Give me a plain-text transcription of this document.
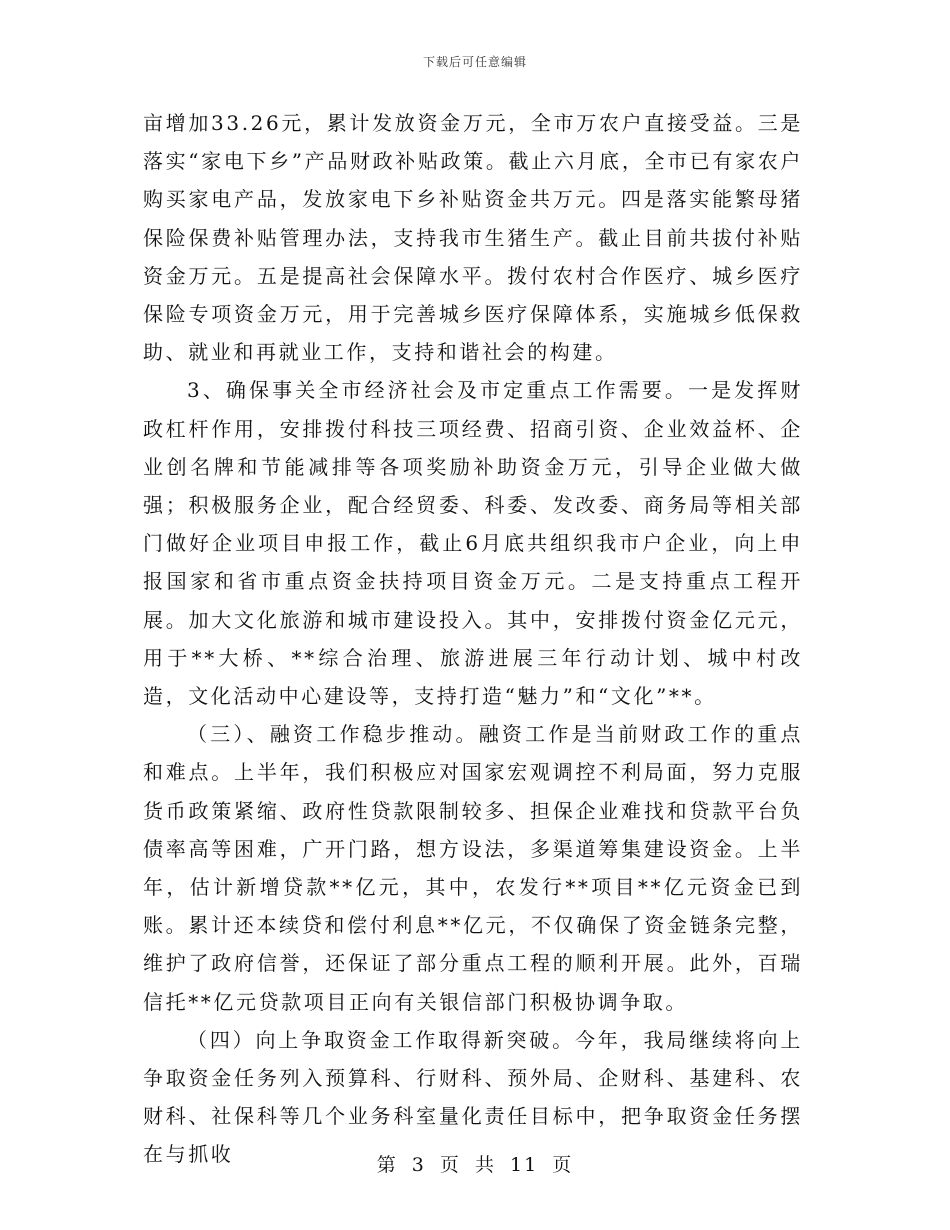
下载后可任意编辑

亩增加33.26元，累计发放资金万元，全市万农户直接受益。三是落实“家电下乡”产品财政补贴政策。截止六月底，全市已有家农户购买家电产品，发放家电下乡补贴资金共万元。四是落实能繁母猪保险保费补贴管理办法，支持我市生猪生产。截止目前共拔付补贴资金万元。五是提高社会保障水平。拨付农村合作医疗、城乡医疗保险专项资金万元，用于完善城乡医疗保障体系，实施城乡低保救助、就业和再就业工作，支持和谐社会的构建。

3、确保事关全市经济社会及市定重点工作需要。一是发挥财政杠杆作用，安排拨付科技三项经费、招商引资、企业效益杯、企业创名牌和节能减排等各项奖励补助资金万元，引导企业做大做强；积极服务企业，配合经贸委、科委、发改委、商务局等相关部门做好企业项目申报工作，截止6月底共组织我市户企业，向上申报国家和省市重点资金扶持项目资金万元。二是支持重点工程开展。加大文化旅游和城市建设投入。其中，安排拨付资金亿元元，用于**大桥、**综合治理、旅游进展三年行动计划、城中村改造，文化活动中心建设等，支持打造“魅力”和“文化”**。

（三）、融资工作稳步推动。融资工作是当前财政工作的重点和难点。上半年，我们积极应对国家宏观调控不利局面，努力克服货币政策紧缩、政府性贷款限制较多、担保企业难找和贷款平台负债率高等困难，广开门路，想方设法，多渠道筹集建设资金。上半年，估计新增贷款**亿元，其中，农发行**项目**亿元资金已到账。累计还本续贷和偿付利息**亿元，不仅确保了资金链条完整，维护了政府信誉，还保证了部分重点工程的顺利开展。此外，百瑞信托**亿元贷款项目正向有关银信部门积极协调争取。

（四）向上争取资金工作取得新突破。今年，我局继续将向上争取资金任务列入预算科、行财科、预外局、企财科、基建科、农财科、社保科等几个业务科室量化责任目标中，把争取资金任务摆在与抓收	第 3 页 共 11 页
